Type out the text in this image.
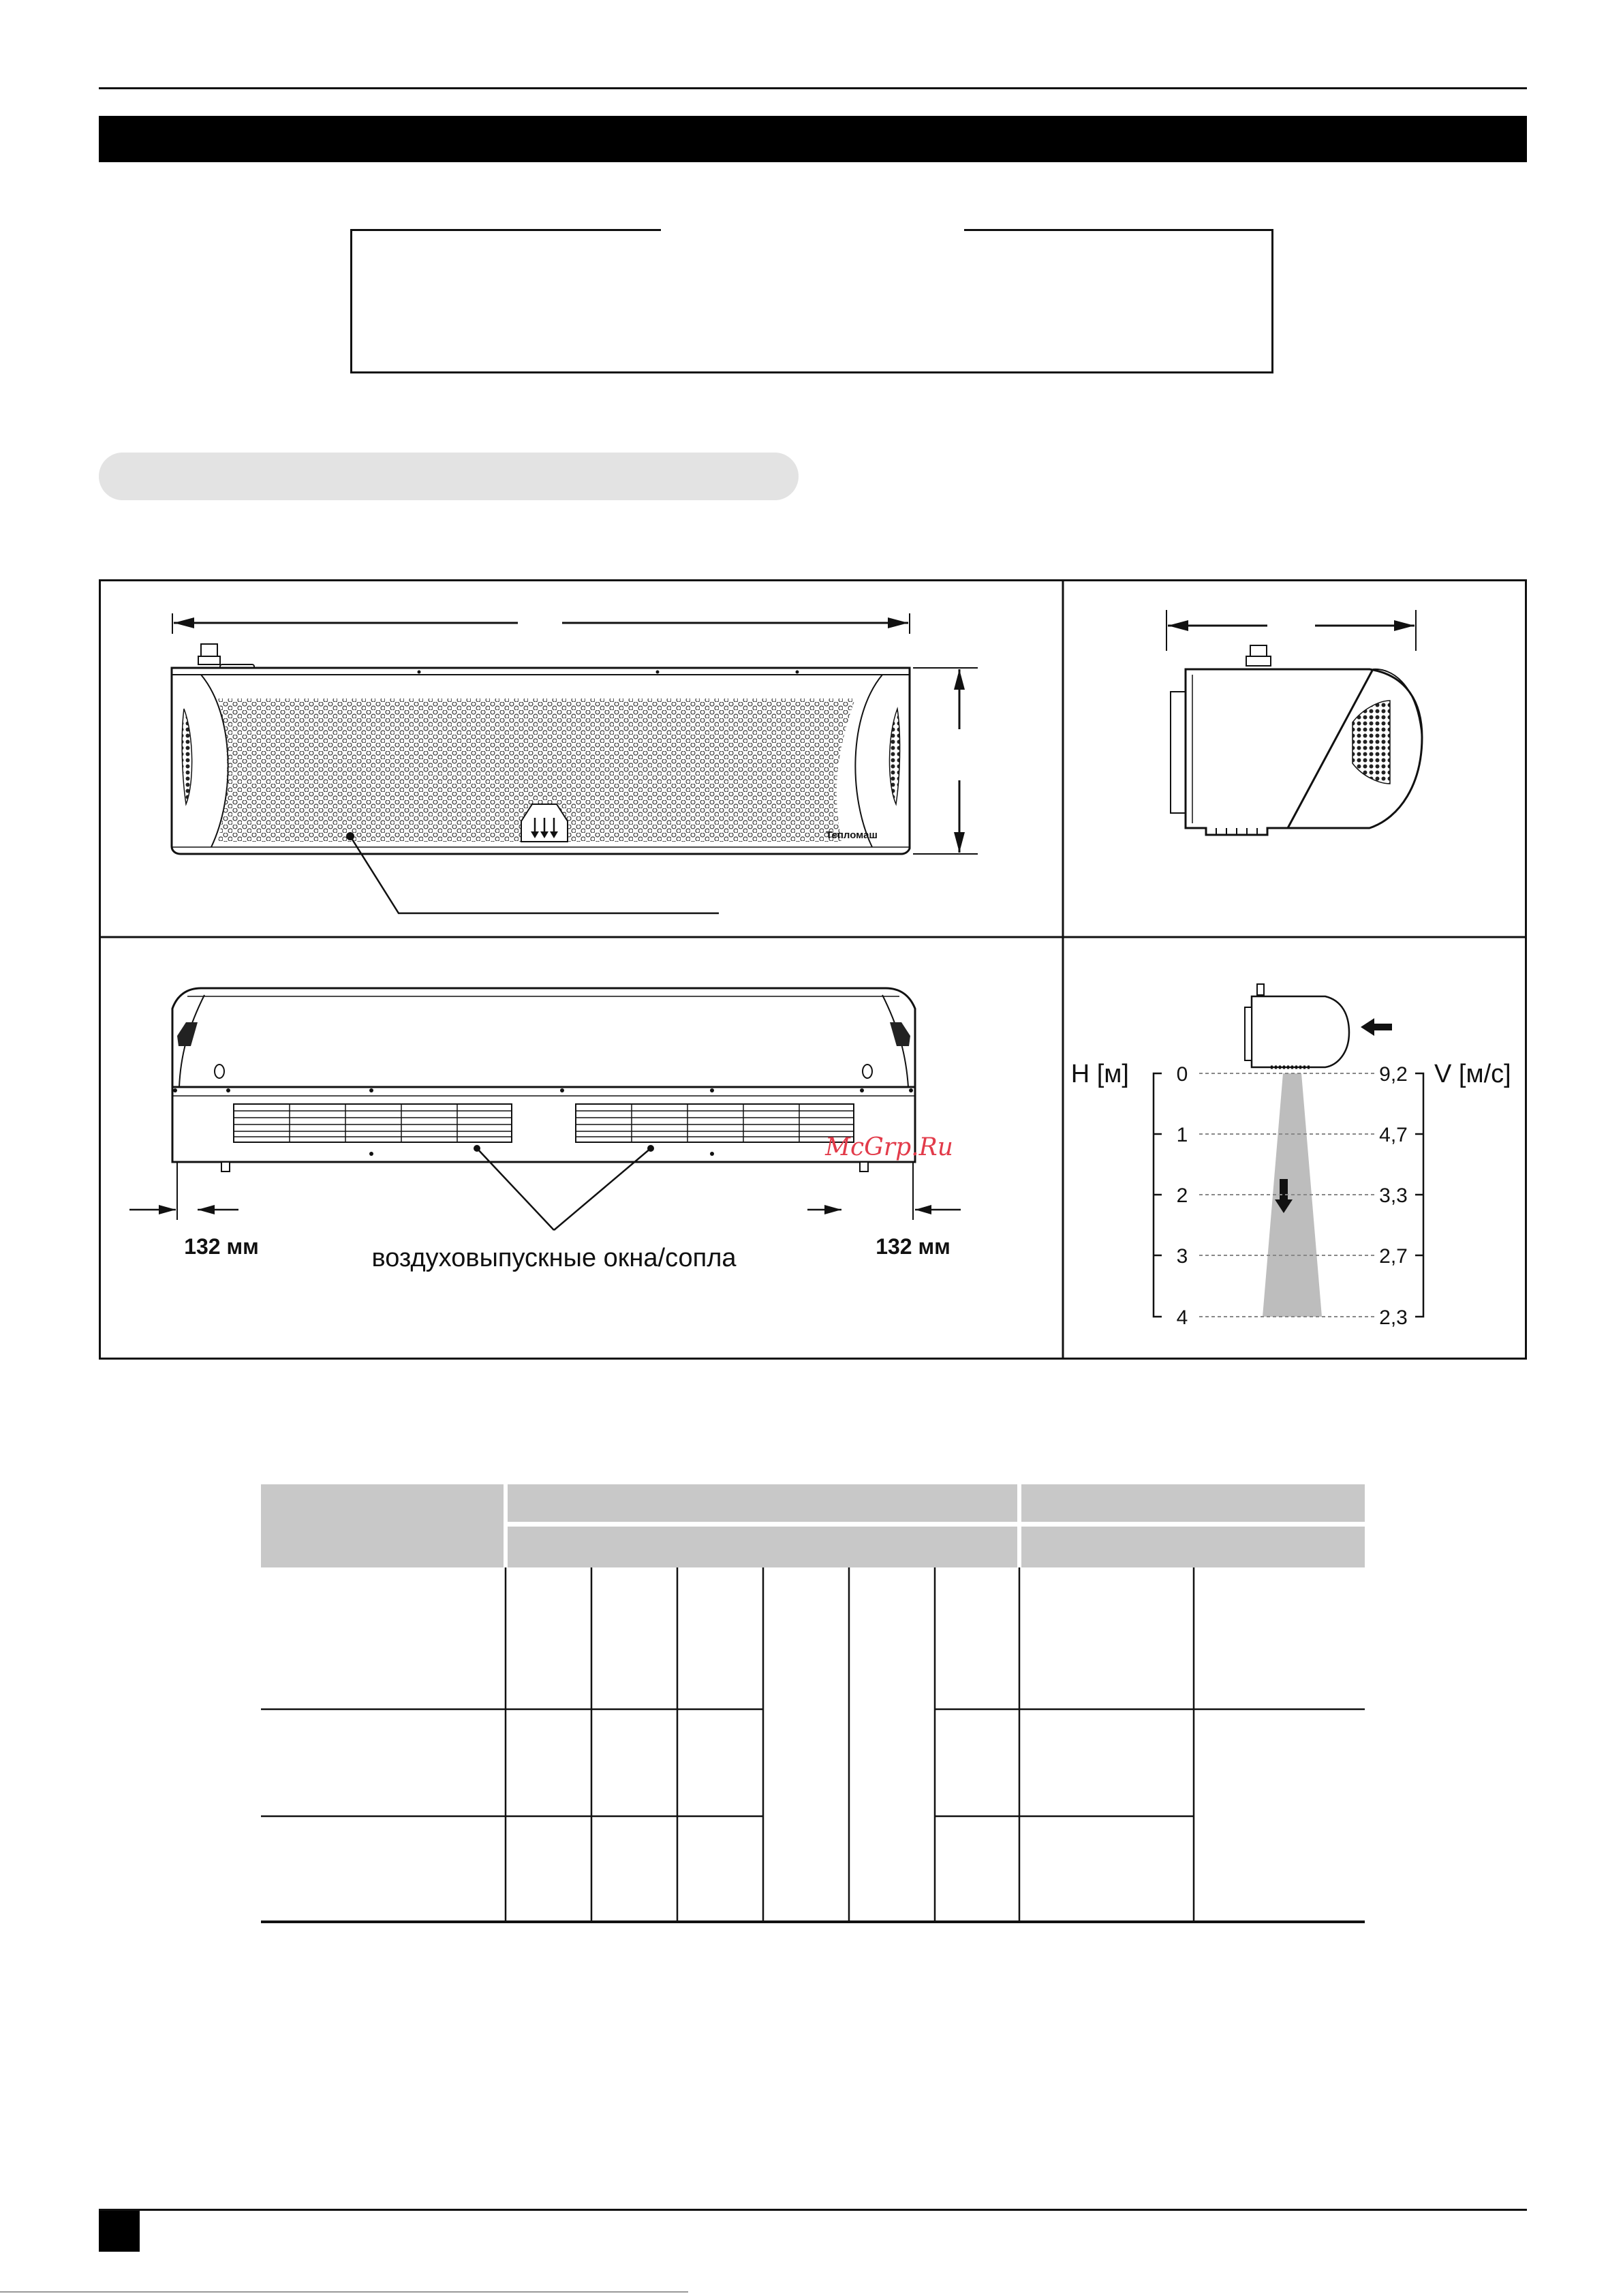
Тепломаш
132 мм	132 мм
воздуховыпускные окна/сопла
McGrp.Ru
H [м]	V [м/с]
0
1
2
3
4
9,2
4,7
3,3
2,7
2,3
